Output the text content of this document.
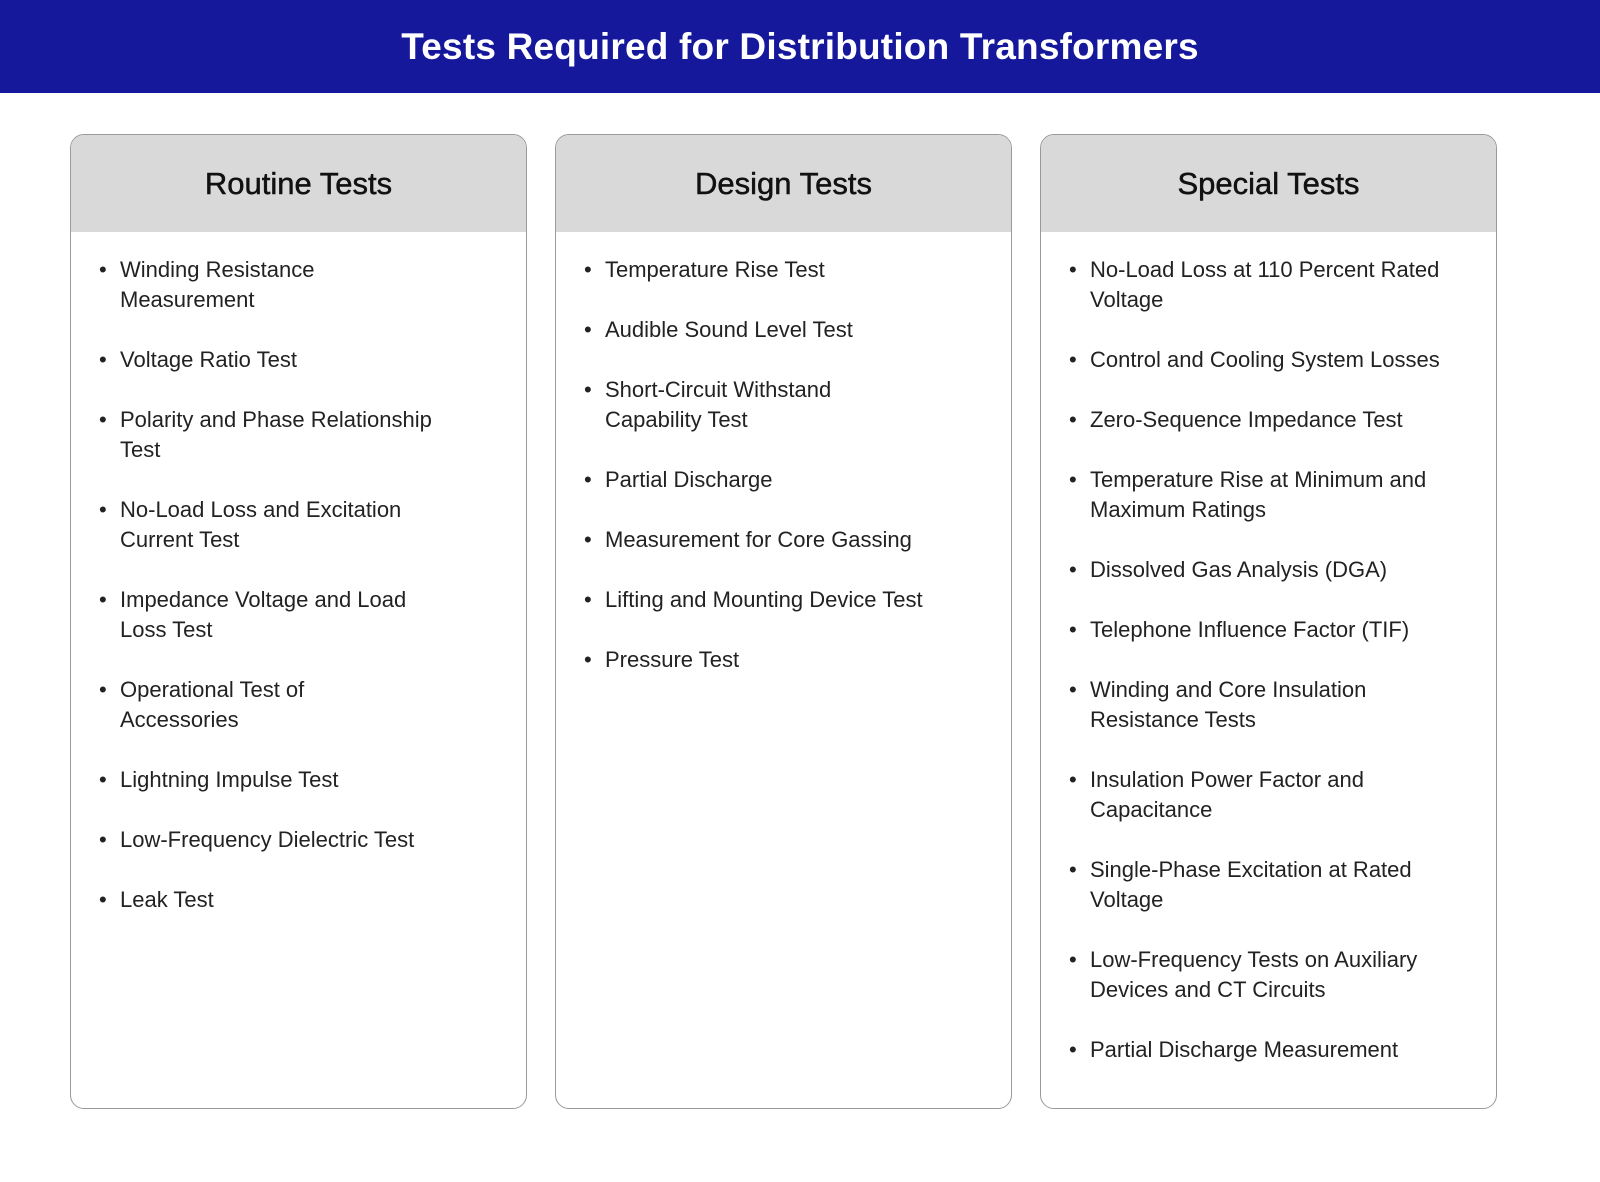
Tests Required for Distribution Transformers
Routine Tests
• Winding Resistance
Measurement
• Voltage Ratio Test
• Polarity and Phase Relationship
Test
• No-Load Loss and Excitation
Current Test
• Impedance Voltage and Load
Loss Test
• Operational Test of
Accessories
• Lightning Impulse Test
• Low-Frequency Dielectric Test
• Leak Test
Design Tests
• Temperature Rise Test
• Audible Sound Level Test
• Short-Circuit Withstand
Capability Test
• Partial Discharge
• Measurement for Core Gassing
• Lifting and Mounting Device Test
• Pressure Test
Special Tests
• No-Load Loss at 110 Percent Rated
Voltage
• Control and Cooling System Losses
• Zero-Sequence Impedance Test
• Temperature Rise at Minimum and
Maximum Ratings
• Dissolved Gas Analysis (DGA)
• Telephone Influence Factor (TIF)
• Winding and Core Insulation
Resistance Tests
• Insulation Power Factor and
Capacitance
• Single-Phase Excitation at Rated
Voltage
• Low-Frequency Tests on Auxiliary
Devices and CT Circuits
• Partial Discharge Measurement
